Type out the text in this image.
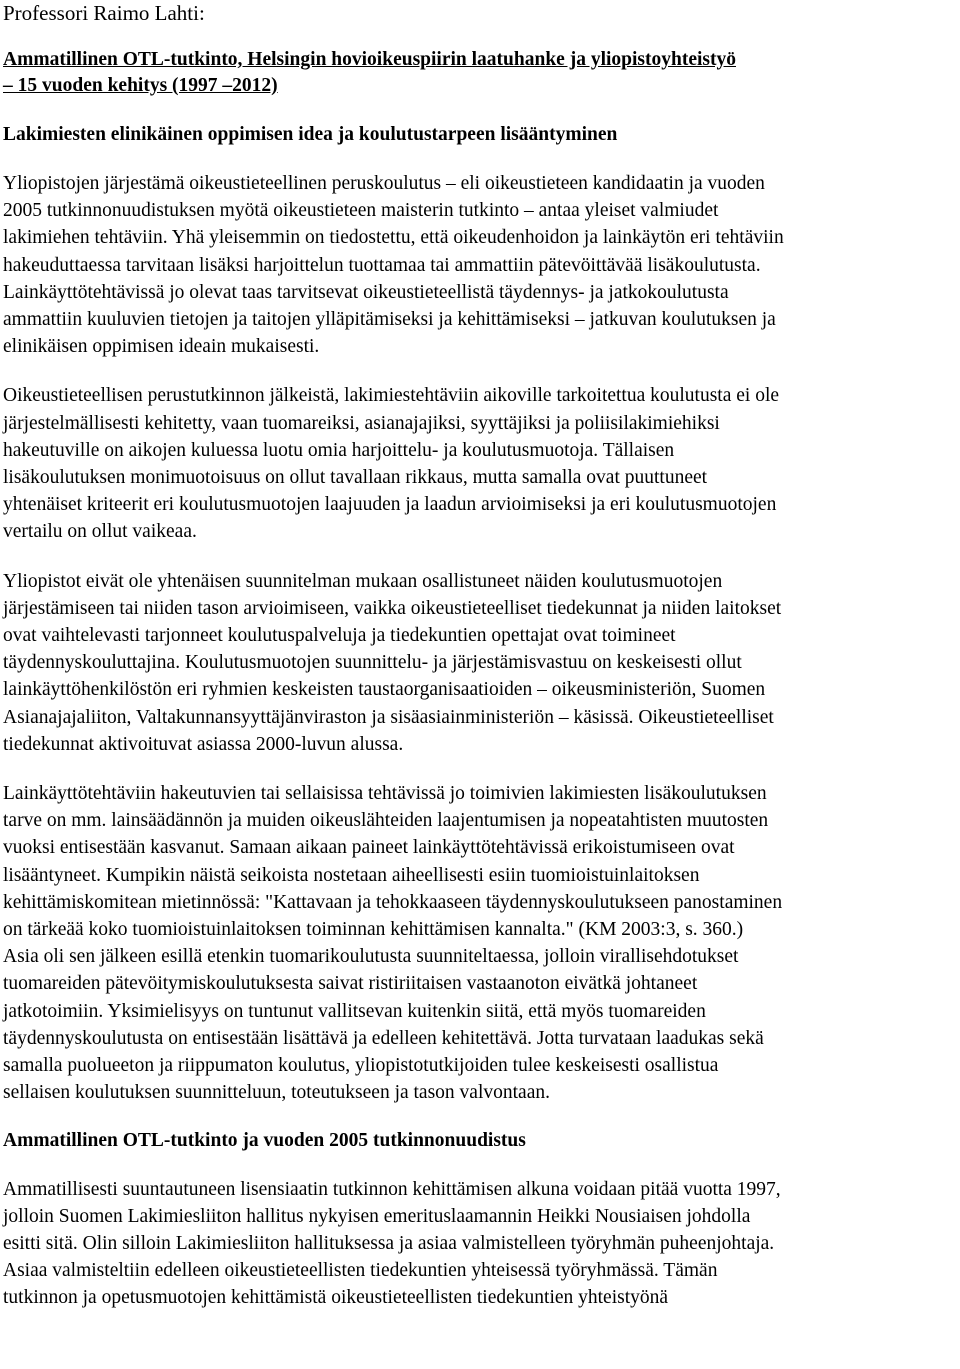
Professori Raimo Lahti:

Ammatillinen OTL-tutkinto, Helsingin hovioikeuspiirin laatuhanke ja yliopistoyhteistyö
– 15 vuoden kehitys (1997 –2012)
Lakimiesten elinikäinen oppimisen idea ja koulutustarpeen lisääntyminen

Yliopistojen järjestämä oikeustieteellinen peruskoulutus – eli oikeustieteen kandidaatin ja vuoden
2005 tutkinnonuudistuksen myötä oikeustieteen maisterin tutkinto – antaa yleiset valmiudet
lakimiehen tehtäviin. Yhä yleisemmin on tiedostettu, että oikeudenhoidon ja lainkäytön eri tehtäviin
hakeuduttaessa tarvitaan lisäksi harjoittelun tuottamaa tai ammattiin pätevöittävää lisäkoulutusta.
Lainkäyttötehtävissä jo olevat taas tarvitsevat oikeustieteellistä täydennys- ja jatkokoulutusta
ammattiin kuuluvien tietojen ja taitojen ylläpitämiseksi ja kehittämiseksi – jatkuvan koulutuksen ja
elinikäisen oppimisen ideain mukaisesti.

Oikeustieteellisen perustutkinnon jälkeistä, lakimiestehtäviin aikoville tarkoitettua koulutusta ei ole
järjestelmällisesti kehitetty, vaan tuomareiksi, asianajajiksi, syyttäjiksi ja poliisilakimiehiksi
hakeutuville on aikojen kuluessa luotu omia harjoittelu- ja koulutusmuotoja. Tällaisen
lisäkoulutuksen monimuotoisuus on ollut tavallaan rikkaus, mutta samalla ovat puuttuneet
yhtenäiset kriteerit eri koulutusmuotojen laajuuden ja laadun arvioimiseksi ja eri koulutusmuotojen
vertailu on ollut vaikeaa.

Yliopistot eivät ole yhtenäisen suunnitelman mukaan osallistuneet näiden koulutusmuotojen
järjestämiseen tai niiden tason arvioimiseen, vaikka oikeustieteelliset tiedekunnat ja niiden laitokset
ovat vaihtelevasti tarjonneet koulutuspalveluja ja tiedekuntien opettajat ovat toimineet
täydennyskouluttajina. Koulutusmuotojen suunnittelu- ja järjestämisvastuu on keskeisesti ollut
lainkäyttöhenkilöstön eri ryhmien keskeisten taustaorganisaatioiden – oikeusministeriön, Suomen
Asianajajaliiton, Valtakunnansyyttäjänviraston ja sisäasiainministeriön – käsissä. Oikeustieteelliset
tiedekunnat aktivoituvat asiassa 2000-luvun alussa.

Lainkäyttötehtäviin hakeutuvien tai sellaisissa tehtävissä jo toimivien lakimiesten lisäkoulutuksen
tarve on mm. lainsäädännön ja muiden oikeuslähteiden laajentumisen ja nopeatahtisten muutosten
vuoksi entisestään kasvanut. Samaan aikaan paineet lainkäyttötehtävissä erikoistumiseen ovat
lisääntyneet. Kumpikin näistä seikoista nostetaan aiheellisesti esiin tuomioistuinlaitoksen
kehittämiskomitean mietinnössä: "Kattavaan ja tehokkaaseen täydennyskoulutukseen panostaminen
on tärkeää koko tuomioistuinlaitoksen toiminnan kehittämisen kannalta." (KM 2003:3, s. 360.)
Asia oli sen jälkeen esillä etenkin tuomarikoulutusta suunniteltaessa, jolloin virallisehdotukset
tuomareiden pätevöitymiskoulutuksesta saivat ristiriitaisen vastaanoton eivätkä johtaneet
jatkotoimiin. Yksimielisyys on tuntunut vallitsevan kuitenkin siitä, että myös tuomareiden
täydennyskoulutusta on entisestään lisättävä ja edelleen kehitettävä. Jotta turvataan laadukas sekä
samalla puolueeton ja riippumaton koulutus, yliopistotutkijoiden tulee keskeisesti osallistua
sellaisen koulutuksen suunnitteluun, toteutukseen ja tason valvontaan.

Ammatillinen OTL-tutkinto ja vuoden 2005 tutkinnonuudistus

Ammatillisesti suuntautuneen lisensiaatin tutkinnon kehittämisen alkuna voidaan pitää vuotta 1997,
jolloin Suomen Lakimiesliiton hallitus nykyisen emerituslaamannin Heikki Nousiaisen johdolla
esitti sitä. Olin silloin Lakimiesliiton hallituksessa ja asiaa valmistelleen työryhmän puheenjohtaja.
Asiaa valmisteltiin edelleen oikeustieteellisten tiedekuntien yhteisessä työryhmässä. Tämän
tutkinnon ja opetusmuotojen kehittämistä oikeustieteellisten tiedekuntien yhteistyönä
